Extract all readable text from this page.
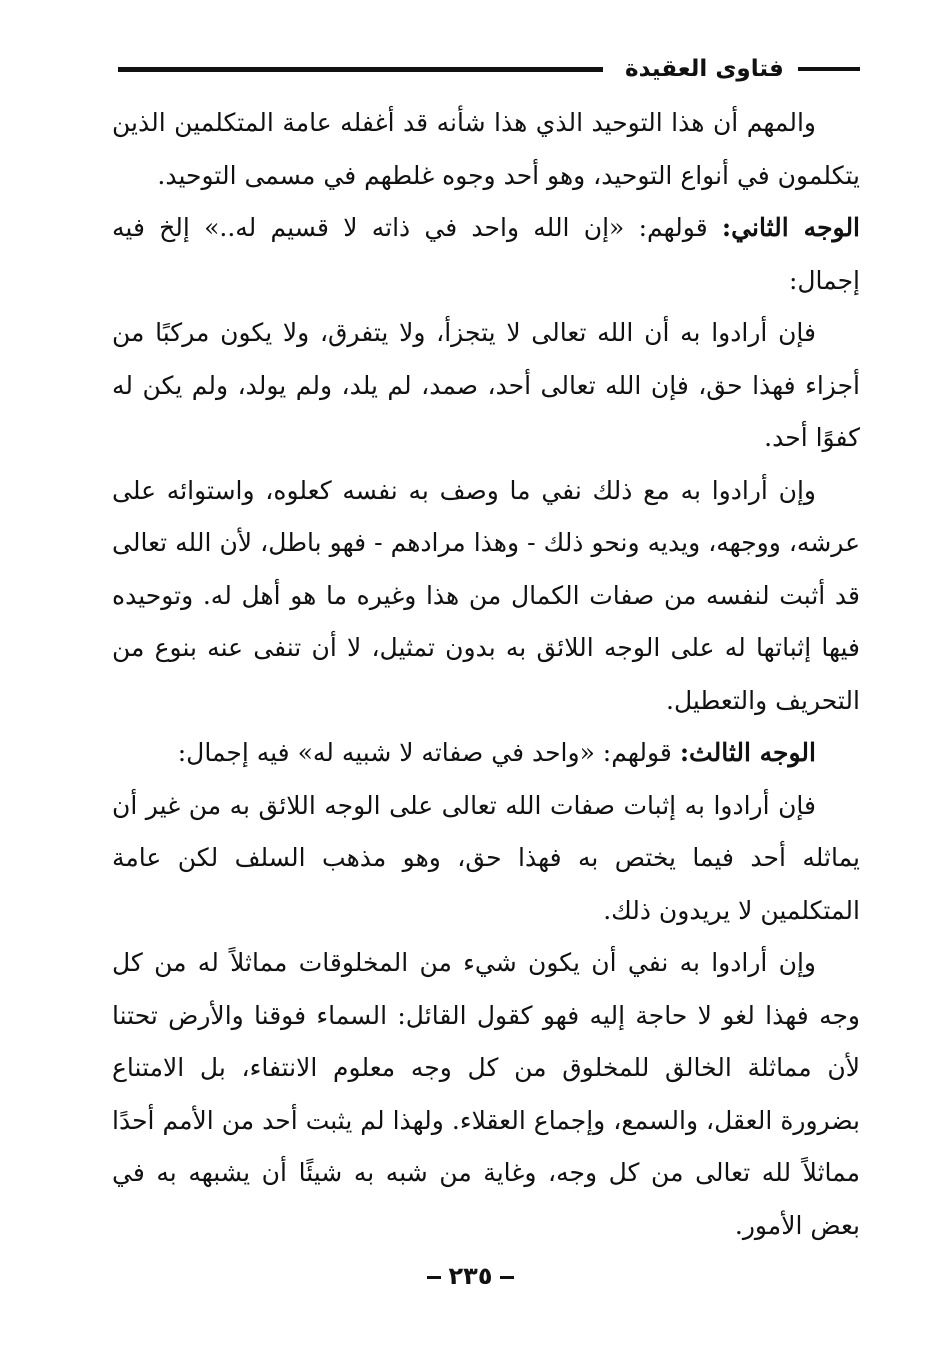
فتاوى العقيدة

والمهم أن هذا التوحيد الذي هذا شأنه قد أغفله عامة المتكلمين الذين يتكلمون في أنواع التوحيد، وهو أحد وجوه غلطهم في مسمى التوحيد.

الوجه الثاني: قولهم: «إن الله واحد في ذاته لا قسيم له..» إلخ فيه إجمال:

فإن أرادوا به أن الله تعالى لا يتجزأ، ولا يتفرق، ولا يكون مركبًا من أجزاء فهذا حق، فإن الله تعالى أحد، صمد، لم يلد، ولم يولد، ولم يكن له كفوًا أحد.

وإن أرادوا به مع ذلك نفي ما وصف به نفسه كعلوه، واستوائه على عرشه، ووجهه، ويديه ونحو ذلك - وهذا مرادهم - فهو باطل، لأن الله تعالى قد أثبت لنفسه من صفات الكمال من هذا وغيره ما هو أهل له. وتوحيده فيها إثباتها له على الوجه اللائق به بدون تمثيل، لا أن تنفى عنه بنوع من التحريف والتعطيل.

الوجه الثالث: قولهم: «واحد في صفاته لا شبيه له» فيه إجمال:

فإن أرادوا به إثبات صفات الله تعالى على الوجه اللائق به من غير أن يماثله أحد فيما يختص به فهذا حق، وهو مذهب السلف لكن عامة المتكلمين لا يريدون ذلك.

وإن أرادوا به نفي أن يكون شيء من المخلوقات مماثلاً له من كل وجه فهذا لغو لا حاجة إليه فهو كقول القائل: السماء فوقنا والأرض تحتنا لأن مماثلة الخالق للمخلوق من كل وجه معلوم الانتفاء، بل الامتناع بضرورة العقل، والسمع، وإجماع العقلاء. ولهذا لم يثبت أحد من الأمم أحدًا مماثلاً لله تعالى من كل وجه، وغاية من شبه به شيئًا أن يشبهه به في بعض الأمور.

٢٣٥
